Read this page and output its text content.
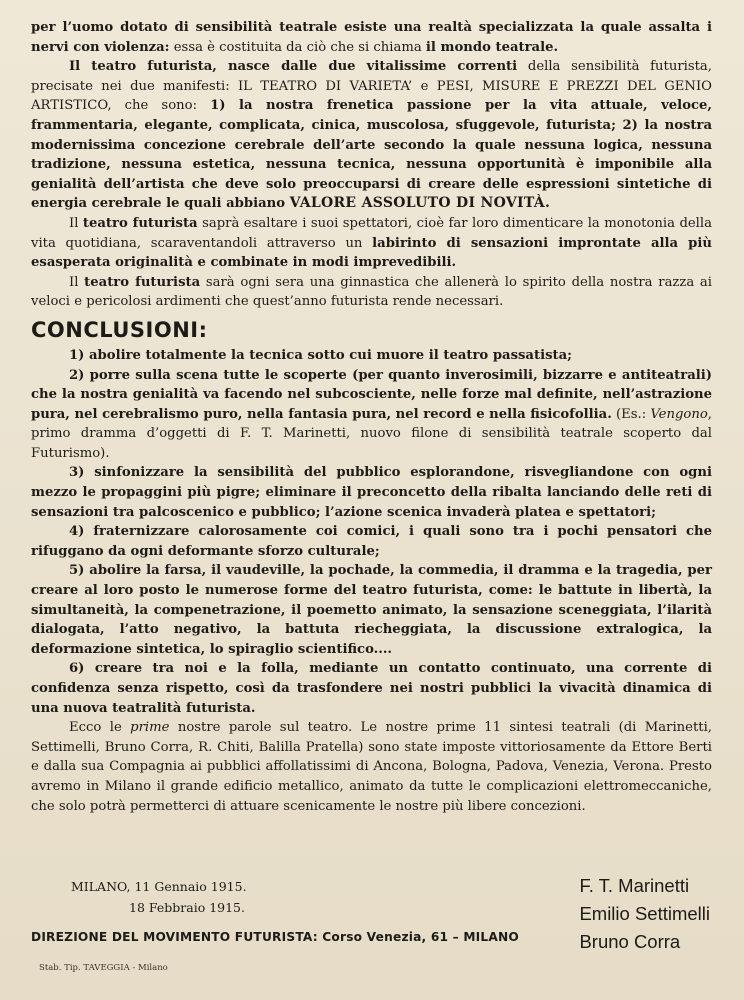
per l’uomo dotato di sensibilità teatrale esiste una realtà specializzata la quale assalta i nervi con violenza: essa è costituita da ciò che si chiama il mondo teatrale.

Il teatro futurista, nasce dalle due vitalissime correnti della sensibilità futurista, precisate nei due manifesti: IL TEATRO DI VARIETA’ e PESI, MISURE E PREZZI DEL GENIO ARTISTICO, che sono: 1) la nostra frenetica passione per la vita attuale, veloce, frammentaria, elegante, complicata, cinica, muscolosa, sfuggevole, futurista; 2) la nostra modernissima concezione cerebrale dell’arte secondo la quale nessuna logica, nessuna tradizione, nessuna estetica, nessuna tecnica, nessuna opportunità è imponibile alla genialità dell’artista che deve solo preoccuparsi di creare delle espressioni sintetiche di energia cerebrale le quali abbiano VALORE ASSOLUTO DI NOVITÀ.

Il teatro futurista saprà esaltare i suoi spettatori, cioè far loro dimenticare la monotonia della vita quotidiana, scaraventandoli attraverso un labirinto di sensazioni improntate alla più esasperata originalità e combinate in modi imprevedibili.

Il teatro futurista sarà ogni sera una ginnastica che allenerà lo spirito della nostra razza ai veloci e pericolosi ardimenti che quest’anno futurista rende necessari.

CONCLUSIONI:

1) abolire totalmente la tecnica sotto cui muore il teatro passatista;

2) porre sulla scena tutte le scoperte (per quanto inverosimili, bizzarre e antiteatrali) che la nostra genialità va facendo nel subcosciente, nelle forze mal definite, nell’astrazione pura, nel cerebralismo puro, nella fantasia pura, nel record e nella fisicofollia. (Es.: Vengono, primo dramma d’oggetti di F. T. Marinetti, nuovo filone di sensibilità teatrale scoperto dal Futurismo).

3) sinfonizzare la sensibilità del pubblico esplorandone, risvegliandone con ogni mezzo le propaggini più pigre; eliminare il preconcetto della ribalta lanciando delle reti di sensazioni tra palcoscenico e pubblico; l’azione scenica invaderà platea e spettatori;

4) fraternizzare calorosamente coi comici, i quali sono tra i pochi pensatori che rifuggano da ogni deformante sforzo culturale;

5) abolire la farsa, il vaudeville, la pochade, la commedia, il dramma e la tragedia, per creare al loro posto le numerose forme del teatro futurista, come: le battute in libertà, la simultaneità, la compenetrazione, il poemetto animato, la sensazione sceneggiata, l’ilarità dialogata, l’atto negativo, la battuta riecheggiata, la discussione extralogica, la deformazione sintetica, lo spiraglio scientifico....

6) creare tra noi e la folla, mediante un contatto continuato, una corrente di confidenza senza rispetto, così da trasfondere nei nostri pubblici la vivacità dinamica di una nuova teatralità futurista.

Ecco le prime nostre parole sul teatro. Le nostre prime 11 sintesi teatrali (di Marinetti, Settimelli, Bruno Corra, R. Chiti, Balilla Pratella) sono state imposte vittoriosamente da Ettore Berti e dalla sua Compagnia ai pubblici affollatissimi di Ancona, Bologna, Padova, Venezia, Verona. Presto avremo in Milano il grande edificio metallico, animato da tutte le complicazioni elettromeccaniche, che solo potrà permetterci di attuare scenicamente le nostre più libere concezioni.

MILANO, 11 Gennaio 1915.
18 Febbraio 1915.
F. T. Marinetti
Emilio Settimelli
Bruno Corra
DIREZIONE DEL MOVIMENTO FUTURISTA: Corso Venezia, 61 – MILANO
Stab. Tip. TAVEGGIA - Milano
